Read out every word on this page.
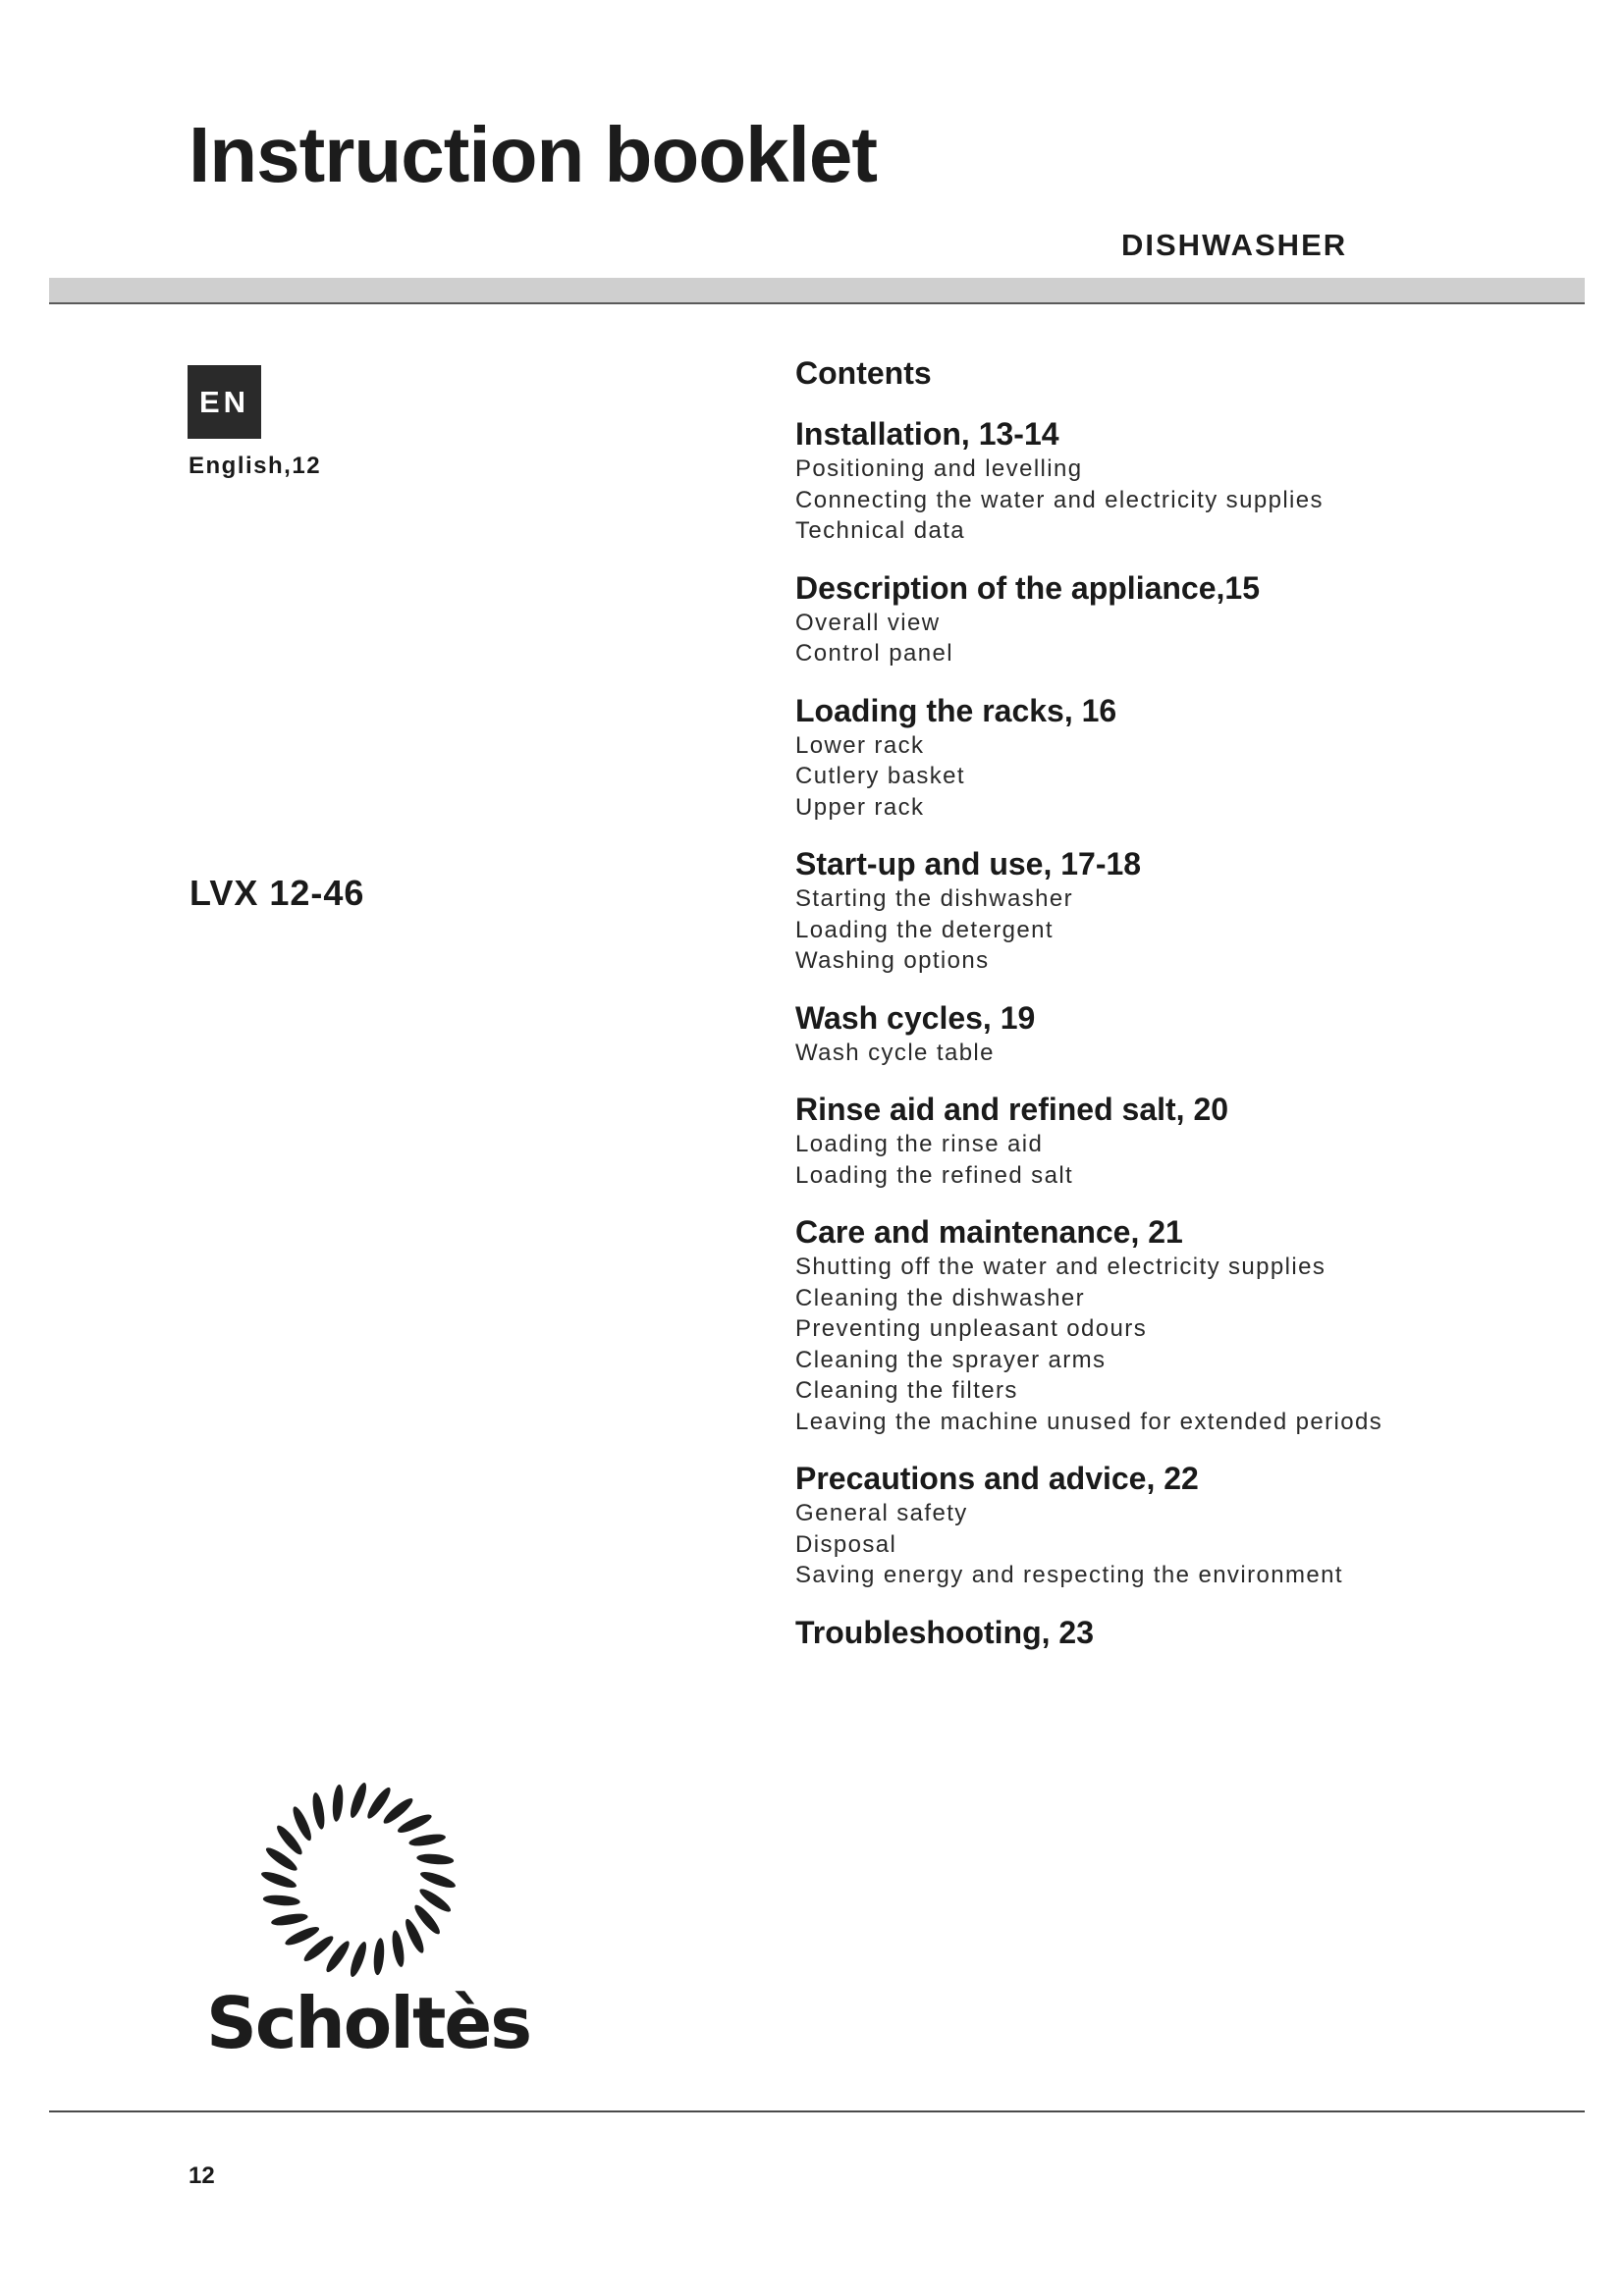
Instruction booklet
DISHWASHER
EN
English,12
LVX 12-46
Contents
Installation, 13-14
Positioning and levelling
Connecting the water and electricity supplies
Technical data
Description of the appliance,15
Overall view
Control panel
Loading the racks, 16
Lower rack
Cutlery basket
Upper rack
Start-up and use, 17-18
Starting the dishwasher
Loading the detergent
Washing options
Wash cycles, 19
Wash cycle table
Rinse aid and refined salt, 20
Loading the rinse aid
Loading the refined salt
Care and maintenance, 21
Shutting off the water and electricity supplies
Cleaning the dishwasher
Preventing unpleasant odours
Cleaning the sprayer arms
Cleaning the filters
Leaving the machine unused for extended periods
Precautions and advice, 22
General safety
Disposal
Saving energy and respecting the environment
Troubleshooting, 23
Scholtès
12
